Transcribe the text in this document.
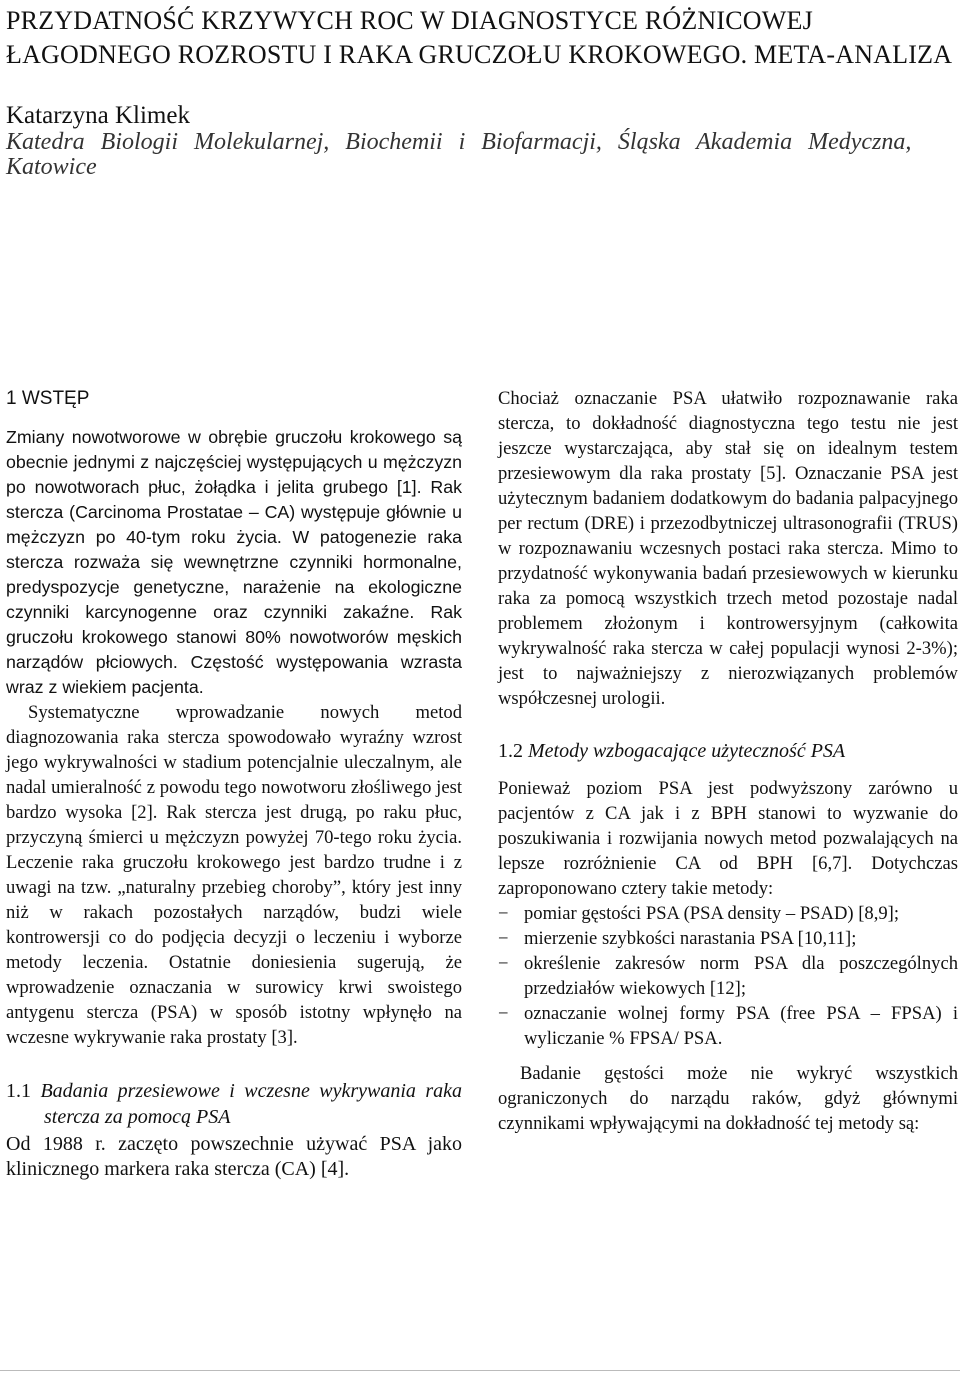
PRZYDATNOŚĆ KRZYWYCH ROC W DIAGNOSTYCE RÓŻNICOWEJ
ŁAGODNEGO ROZROSTU I RAKA GRUCZOŁU KROKOWEGO. META-ANALIZA
Katarzyna Klimek
Katedra Biologii Molekularnej, Biochemii i Biofarmacji, Śląska Akademia Medyczna, Katowice
1 WSTĘP

Zmiany nowotworowe w obrębie gruczołu krokowego są obecnie jednymi z najczęściej występujących u mężczyzn po nowotworach płuc, żołądka i jelita grubego [1]. Rak stercza (Carcinoma Prostatae – CA) występuje głównie u mężczyzn po 40-tym roku życia. W patogenezie raka stercza rozważa się wewnętrzne czynniki hormonalne, predyspozycje genetyczne, narażenie na ekologiczne czynniki karcynogenne oraz czynniki zakaźne. Rak gruczołu krokowego stanowi 80% nowotworów męskich narządów płciowych. Częstość występowania wzrasta wraz z wiekiem pacjenta.

Systematyczne wprowadzanie nowych metod diagnozowania raka stercza spowodowało wyraźny wzrost jego wykrywalności w stadium potencjalnie uleczalnym, ale nadal umieralność z powodu tego nowotworu złośliwego jest bardzo wysoka [2]. Rak stercza jest drugą, po raku płuc, przyczyną śmierci u mężczyzn powyżej 70-tego roku życia. Leczenie raka gruczołu krokowego jest bardzo trudne i z uwagi na tzw. „naturalny przebieg choroby”, który jest inny niż w rakach pozostałych narządów, budzi wiele kontrowersji co do podjęcia decyzji o leczeniu i wyborze metody leczenia. Ostatnie doniesienia sugerują, że wprowadzenie oznaczania w surowicy krwi swoistego antygenu stercza (PSA) w sposób istotny wpłynęło na wczesne wykrywanie raka prostaty [3].

1.1 Badania przesiewowe i wczesne wykrywania raka stercza za pomocą PSA

Od 1988 r. zaczęto powszechnie używać PSA jako klinicznego markera raka stercza (CA) [4].

Chociaż oznaczanie PSA ułatwiło rozpoznawanie raka stercza, to dokładność diagnostyczna tego testu nie jest jeszcze wystarczająca, aby stał się on idealnym testem przesiewowym dla raka prostaty [5]. Oznaczanie PSA jest użytecznym badaniem dodatkowym do badania palpacyjnego per rectum (DRE) i przezodbytniczej ultrasonografii (TRUS) w rozpoznawaniu wczesnych postaci raka stercza. Mimo to przydatność wykonywania badań przesiewowych w kierunku raka za pomocą wszystkich trzech metod pozostaje nadal problemem złożonym i kontrowersyjnym (całkowita wykrywalność raka stercza w całej populacji wynosi 2-3%); jest to najważniejszy z nierozwiązanych problemów współczesnej urologii.

1.2 Metody wzbogacające użyteczność PSA

Ponieważ poziom PSA jest podwyższony zarówno u pacjentów z CA jak i z BPH stanowi to wyzwanie do poszukiwania i rozwijania nowych metod pozwalających na lepsze rozróżnienie CA od BPH [6,7]. Dotychczas zaproponowano cztery takie metody:

− pomiar gęstości PSA (PSA density – PSAD) [8,9];
− mierzenie szybkości narastania PSA [10,11];
− określenie zakresów norm PSA dla poszczególnych przedziałów wiekowych [12];
− oznaczanie wolnej formy PSA (free PSA – FPSA) i wyliczanie % FPSA/ PSA.

Badanie gęstości może nie wykryć wszystkich ograniczonych do narządu raków, gdyż głównymi czynnikami wpływającymi na dokładność tej metody są:
